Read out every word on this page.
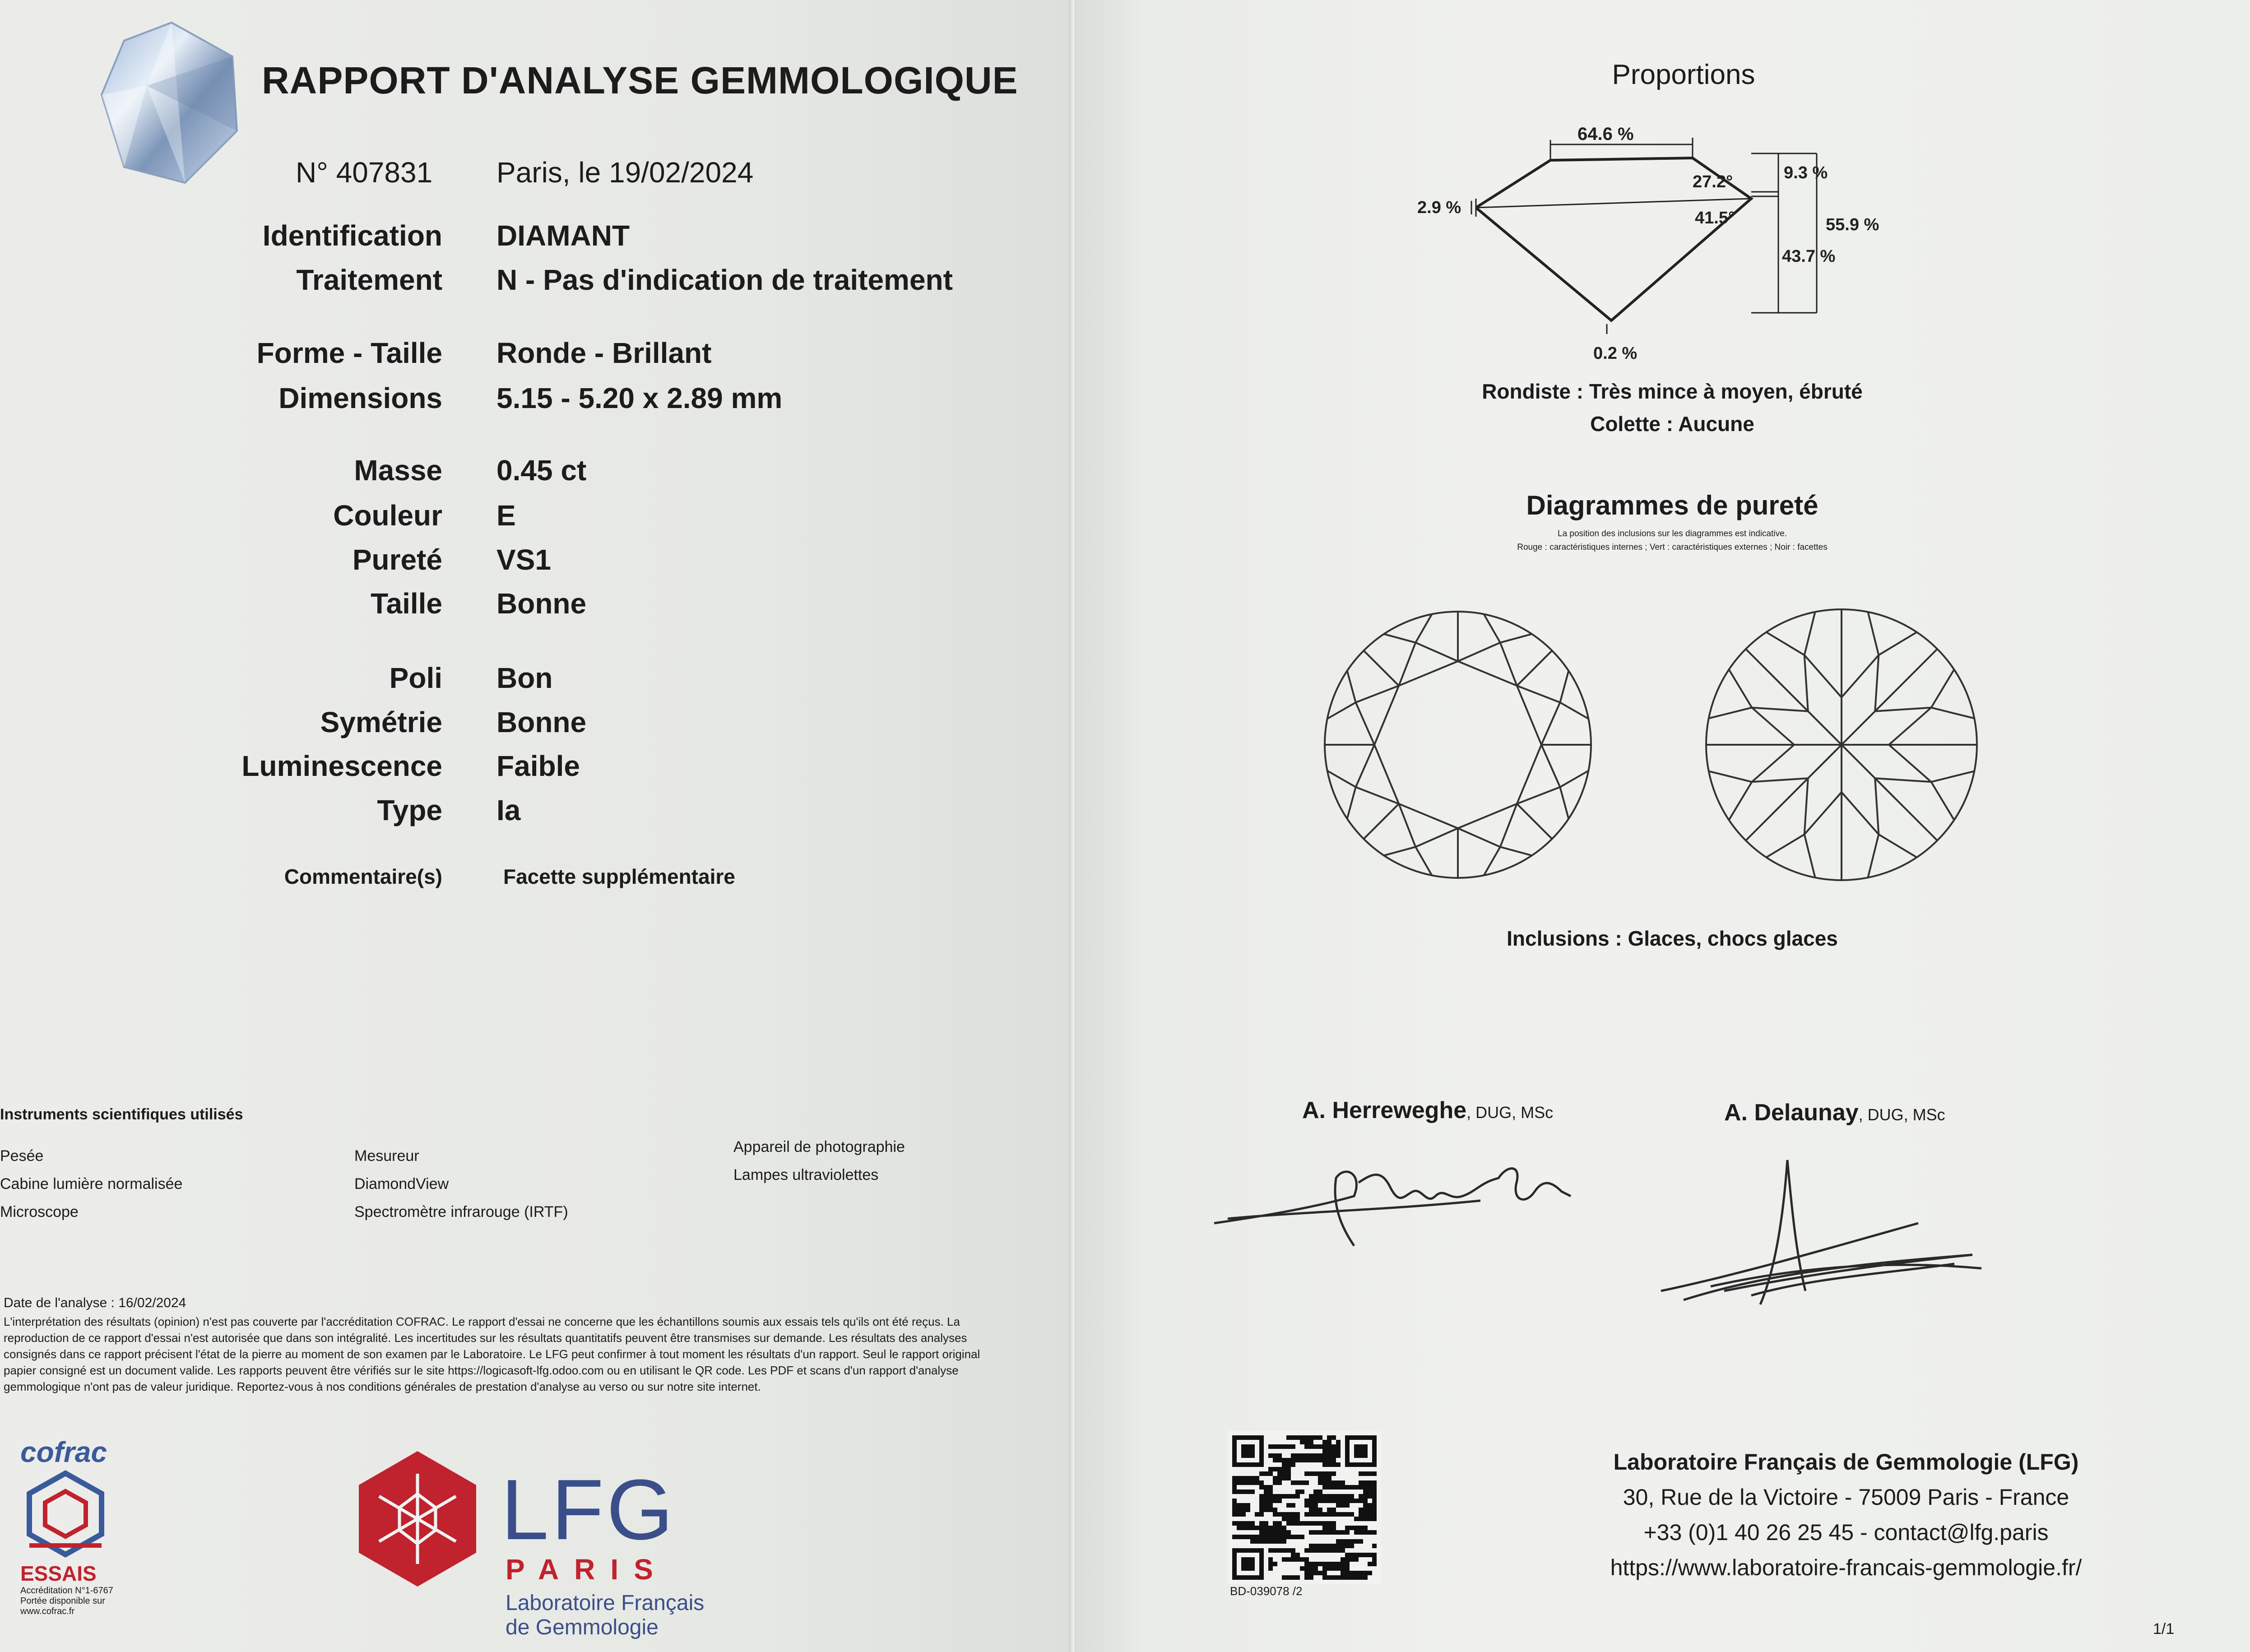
RAPPORT D'ANALYSE GEMMOLOGIQUE
N° 407831 Paris, le 19/02/2024
Identification DIAMANT
Traitement N - Pas d'indication de traitement
Forme - Taille Ronde - Brillant
Dimensions 5.15 - 5.20 x 2.89 mm
Masse 0.45 ct
Couleur E
Pureté VS1
Taille Bonne
Poli Bon
Symétrie Bonne
Luminescence Faible
Type Ia
Commentaire(s)	Facette supplémentaire
Instruments scientifiques utilisés
Pesée
Cabine lumière normalisée
Microscope
Mesureur
DiamondView
Spectromètre infrarouge (IRTF)
Appareil de photographie
Lampes ultraviolettes
Date de l'analyse : 16/02/2024
L'interprétation des résultats (opinion) n'est pas couverte par l'accréditation COFRAC. Le rapport d'essai ne concerne que les échantillons soumis aux essais tels qu'ils ont été reçus. La
reproduction de ce rapport d'essai n'est autorisée que dans son intégralité. Les incertitudes sur les résultats quantitatifs peuvent être transmises sur demande. Les résultats des analyses
consignés dans ce rapport précisent l'état de la pierre au moment de son examen par le Laboratoire. Le LFG peut confirmer à tout moment les résultats d'un rapport. Seul le rapport original
papier consigné est un document valide. Les rapports peuvent être vérifiés sur le site https://logicasoft-lfg.odoo.com ou en utilisant le QR code. Les PDF et scans d'un rapport d'analyse
gemmologique n'ont pas de valeur juridique. Reportez-vous à nos conditions générales de prestation d'analyse au verso ou sur notre site internet.
cofrac
ESSAIS
Accréditation N°1-6767
Portée disponible sur
www.cofrac.fr
LFG
PARIS
Laboratoire Français
de Gemmologie
Proportions
64.6 %
27.2°	9.3 %
41.5°
43.7 %
55.9 %
2.9 %
0.2 %
Rondiste : Très mince à moyen, ébruté
Colette : Aucune
Diagrammes de pureté
La position des inclusions sur les diagrammes est indicative.
Rouge : caractéristiques internes ; Vert : caractéristiques externes ; Noir : facettes
Inclusions : Glaces, chocs glaces
A. Herreweghe, DUG, MSc	A. Delaunay, DUG, MSc
BD-039078 /2
Laboratoire Français de Gemmologie (LFG)
30, Rue de la Victoire - 75009 Paris - France
+33 (0)1 40 26 25 45 - contact@lfg.paris
https://www.laboratoire-francais-gemmologie.fr/
1/1
